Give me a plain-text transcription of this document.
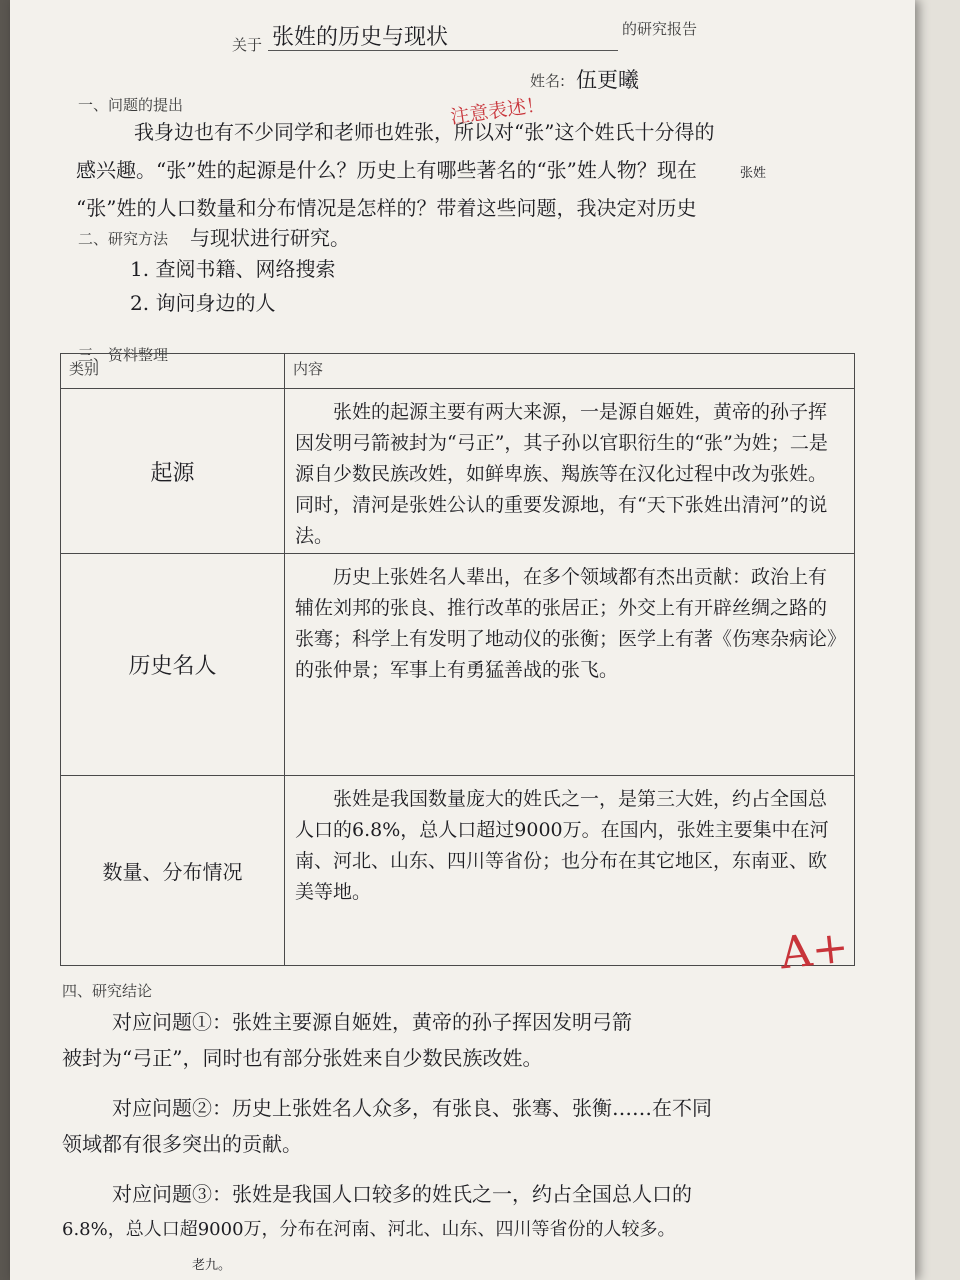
关于 张姓的历史与现状	的研究报告
姓名: 伍更曦
一、问题的提出	注意表述！
我身边也有不少同学和老师也姓张，所以对“张”这个姓氏十分得的
感兴趣。“张”姓的起源是什么？历史上有哪些著名的“张”姓人物？现在
“张”姓的人口数量和分布情况是怎样的？带着这些问题，我决定对历史
张姓
二、研究方法 与现状进行研究。
1. 查阅书籍、网络搜索
2. 询问身边的人
三、资料整理
类别	内容
起源	张姓的起源主要有两大来源，一是源自姬姓，黄帝的孙子挥因发明弓箭被封为“弓正”，其子孙以官职衍生的“张”为姓；二是源自少数民族改姓，如鲜卑族、羯族等在汉化过程中改为张姓。同时，清河是张姓公认的重要发源地，有“天下张姓出清河”的说法。
历史名人	历史上张姓名人辈出，在多个领域都有杰出贡献：政治上有辅佐刘邦的张良、推行改革的张居正；外交上有开辟丝绸之路的张骞；科学上有发明了地动仪的张衡；医学上有著《伤寒杂病论》的张仲景；军事上有勇猛善战的张飞。
数量、分布情况	张姓是我国数量庞大的姓氏之一，是第三大姓，约占全国总人口的6.8%，总人口超过9000万。在国内，张姓主要集中在河南、河北、山东、四川等省份；也分布在其它地区，东南亚、欧美等地。
A+
四、研究结论
对应问题①：张姓主要源自姬姓，黄帝的孙子挥因发明弓箭
被封为“弓正”，同时也有部分张姓来自少数民族改姓。
对应问题②：历史上张姓名人众多，有张良、张骞、张衡……在不同
领域都有很多突出的贡献。
对应问题③：张姓是我国人口较多的姓氏之一，约占全国总人口的
6.8%，总人口超9000万，分布在河南、河北、山东、四川等省份的人较多。
老九。
